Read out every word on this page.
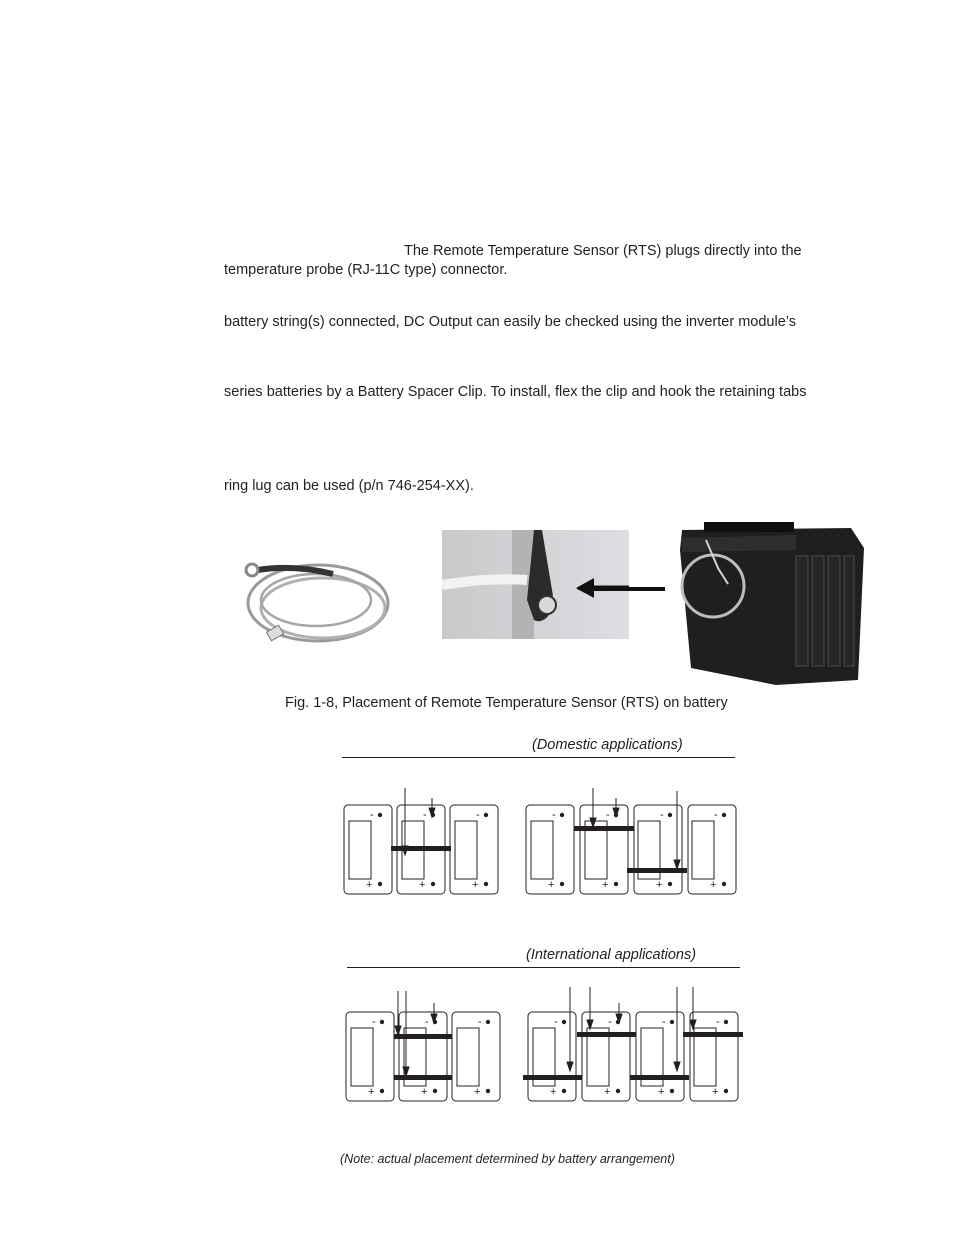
The Remote Temperature Sensor (RTS) plugs directly into the
temperature probe (RJ-11C type) connector.
battery string(s) connected, DC Output can easily be checked using the inverter module’s
series batteries by a Battery Spacer Clip. To install, flex the clip and hook the retaining tabs
ring lug can be used (p/n 746-254-XX).
Fig. 1-8, Placement of Remote Temperature Sensor (RTS) on battery
(Domestic applications)
-	-	-
+	+	+
-	-	-	-
+	+	+	+
-	-	-
+	+	+
-	-	-	-
+	+	+	+
(International applications)
(Note: actual placement determined by battery arrangement)
